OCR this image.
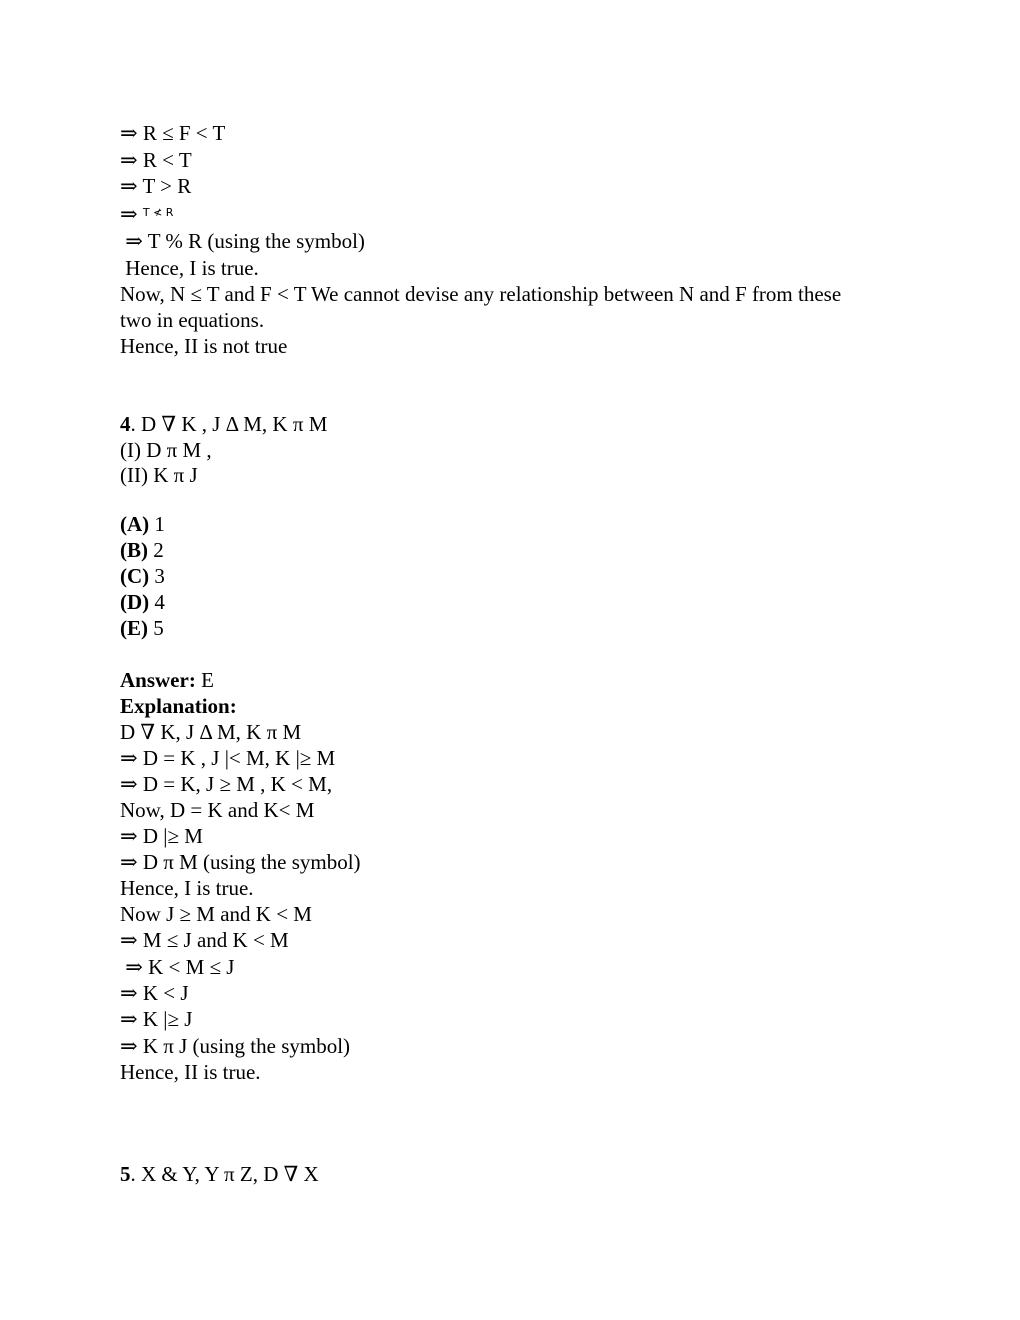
⇒ R ≤ F < T
⇒ R < T
⇒ T > R
⇒ $^{T ≮ R}$
⇒ T % R (using the symbol)
Hence, I is true.
Now, N ≤ T and F < T We cannot devise any relationship between N and F from these
two in equations.
Hence, II is not true
4. D ∇ K , J Δ M, K π M
(I) D π M ,
(II) K π J
(A) 1
(B) 2
(C) 3
(D) 4
(E) 5
Answer: E
Explanation:
D ∇ K, J Δ M, K π M
⇒ D = K , J |< M, K |≥ M
⇒ D = K, J ≥ M , K < M,
Now, D = K and K< M
⇒ D |≥ M
⇒ D π M (using the symbol)
Hence, I is true.
Now J ≥ M and K < M
⇒ M ≤ J and K < M
⇒ K < M ≤ J
⇒ K < J
⇒ K |≥ J
⇒ K π J (using the symbol)
Hence, II is true.
5. X & Y, Y π Z, D ∇ X
